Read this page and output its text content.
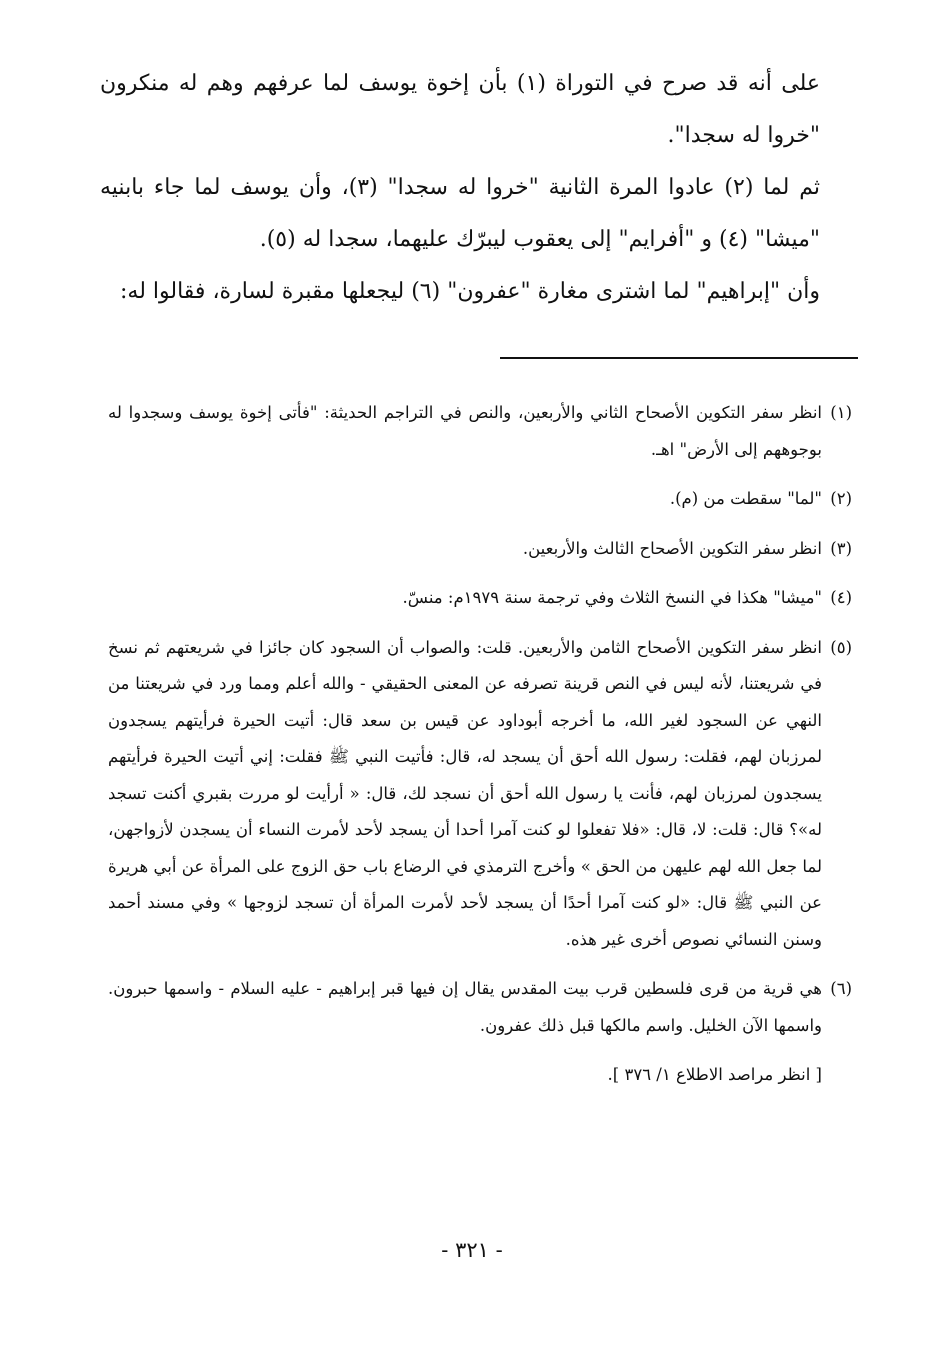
على أنه قد صرح في التوراة (١) بأن إخوة يوسف لما عرفهم وهم له منكرون "خروا له سجدا".

ثم لما (٢) عادوا المرة الثانية "خروا له سجدا" (٣)، وأن يوسف لما جاء بابنيه "ميشا" (٤) و "أفرايم" إلى يعقوب ليبرّك عليهما، سجدا له (٥).

وأن "إبراهيم" لما اشترى مغارة "عفرون" (٦) ليجعلها مقبرة لسارة، فقالوا له:

(١)
انظر سفر التكوين الأصحاح الثاني والأربعين، والنص في التراجم الحديثة: "فأتى إخوة يوسف وسجدوا له بوجوههم إلى الأرض" اهـ.

(٢)
"لما" سقطت من (م).

(٣)
انظر سفر التكوين الأصحاح الثالث والأربعين.

(٤)
"ميشا" هكذا في النسخ الثلاث وفي ترجمة سنة ١٩٧٩م: منسّ.

(٥)
انظر سفر التكوين الأصحاح الثامن والأربعين. قلت: والصواب أن السجود كان جائزا في شريعتهم ثم نسخ في شريعتنا، لأنه ليس في النص قرينة تصرفه عن المعنى الحقيقي - والله أعلم ومما ورد في شريعتنا من النهي عن السجود لغير الله، ما أخرجه أبوداود عن قيس بن سعد قال: أتيت الحيرة فرأيتهم يسجدون لمرزبان لهم، فقلت: رسول الله أحق أن يسجد له، قال: فأتيت النبي ﷺ فقلت: إني أتيت الحيرة فرأيتهم يسجدون لمرزبان لهم، فأنت يا رسول الله أحق أن نسجد لك، قال: « أرأيت لو مررت بقبري أكنت تسجد له»؟ قال: قلت: لا، قال: «فلا تفعلوا لو كنت آمرا أحدا أن يسجد لأحد لأمرت النساء أن يسجدن لأزواجهن، لما جعل الله لهم عليهن من الحق » وأخرج الترمذي في الرضاع باب حق الزوج على المرأة عن أبي هريرة عن النبي ﷺ قال: «لو كنت آمرا أحدًا أن يسجد لأحد لأمرت المرأة أن تسجد لزوجها » وفي مسند أحمد وسنن النسائي نصوص أخرى غير هذه.

(٦)
هي قرية من قرى فلسطين قرب بيت المقدس يقال إن فيها قبر إبراهيم - عليه السلام - واسمها حبرون. واسمها الآن الخليل. واسم مالكها قبل ذلك عفرون.

[ انظر مراصد الاطلاع ١/ ٣٧٦ ].

- ٣٢١ -
